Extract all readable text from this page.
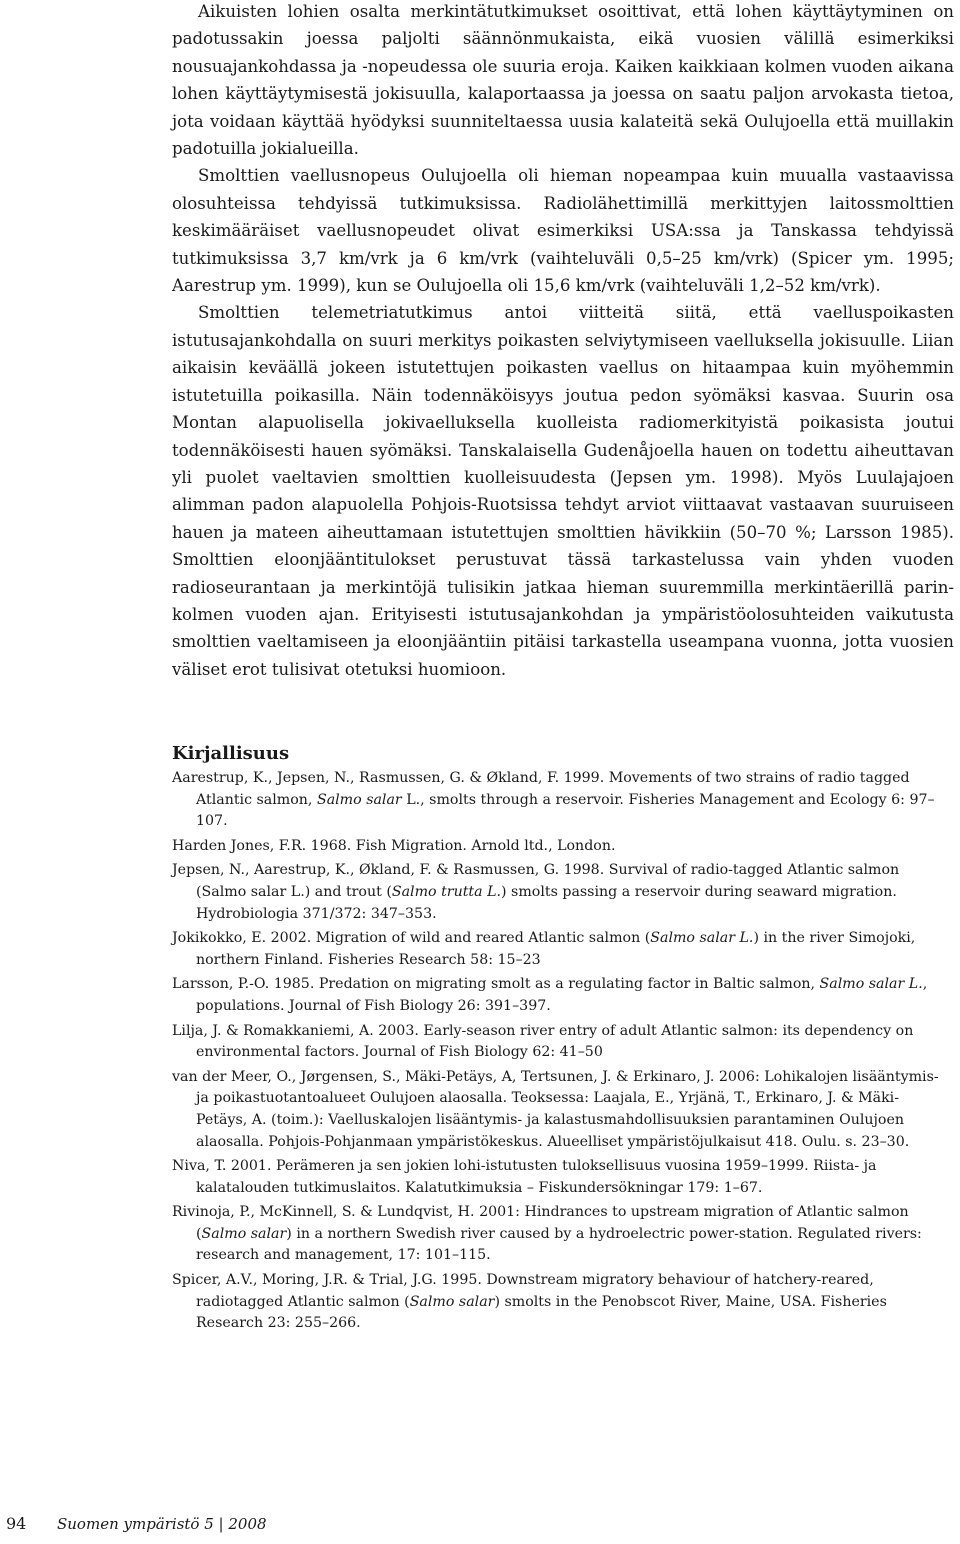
Aikuisten lohien osalta merkintätutkimukset osoittivat, että lohen käyttäytyminen on padotussakin joessa paljolti säännönmukaista, eikä vuosien välillä esimerkiksi nousuajankohdassa ja -nopeudessa ole suuria eroja. Kaiken kaikkiaan kolmen vuoden aikana lohen käyttäytymisestä jokisuulla, kalaportaassa ja joessa on saatu paljon arvokasta tietoa, jota voidaan käyttää hyödyksi suunniteltaessa uusia kalateitä sekä Oulujoella että muillakin padotuilla jokialueilla.

Smolttien vaellusnopeus Oulujoella oli hieman nopeampaa kuin muualla vastaavissa olosuhteissa tehdyissä tutkimuksissa. Radiolähettimillä merkittyjen laitossmolttien keskimääräiset vaellusnopeudet olivat esimerkiksi USA:ssa ja Tanskassa tehdyissä tutkimuksissa 3,7 km/vrk ja 6 km/vrk (vaihteluväli 0,5–25 km/vrk) (Spicer ym. 1995; Aarestrup ym. 1999), kun se Oulujoella oli 15,6 km/vrk (vaihteluväli 1,2–52 km/vrk).

Smolttien telemetriatutkimus antoi viitteitä siitä, että vaelluspoikasten istutusajankohdalla on suuri merkitys poikasten selviytymiseen vaelluksella jokisuulle. Liian aikaisin keväällä jokeen istutettujen poikasten vaellus on hitaampaa kuin myöhemmin istutetuilla poikasilla. Näin todennäköisyys joutua pedon syömäksi kasvaa. Suurin osa Montan alapuolisella jokivaelluksella kuolleista radiomerkityistä poikasista joutui todennäköisesti hauen syömäksi. Tanskalaisella Gudenåjoella hauen on todettu aiheuttavan yli puolet vaeltavien smolttien kuolleisuudesta (Jepsen ym. 1998). Myös Luulajajoen alimman padon alapuolella Pohjois-Ruotsissa tehdyt arviot viittaavat vastaavan suuruiseen hauen ja mateen aiheuttamaan istutettujen smolttien hävikkiin (50–70 %; Larsson 1985). Smolttien eloonjääntitulokset perustuvat tässä tarkastelussa vain yhden vuoden radioseurantaan ja merkintöjä tulisikin jatkaa hieman suuremmilla merkintäerillä parin-kolmen vuoden ajan. Erityisesti istutusajankohdan ja ympäristöolosuhteiden vaikutusta smolttien vaeltamiseen ja eloonjääntiin pitäisi tarkastella useampana vuonna, jotta vuosien väliset erot tulisivat otetuksi huomioon.

Kirjallisuus
Aarestrup, K., Jepsen, N., Rasmussen, G. & Økland, F. 1999. Movements of two strains of radio tagged Atlantic salmon, Salmo salar L., smolts through a reservoir. Fisheries Management and Ecology 6: 97–107.
Harden Jones, F.R. 1968. Fish Migration. Arnold ltd., London.
Jepsen, N., Aarestrup, K., Økland, F. & Rasmussen, G. 1998. Survival of radio-tagged Atlantic salmon (Salmo salar L.) and trout (Salmo trutta L.) smolts passing a reservoir during seaward migration. Hydrobiologia 371/372: 347–353.
Jokikokko, E. 2002. Migration of wild and reared Atlantic salmon (Salmo salar L.) in the river Simojoki, northern Finland. Fisheries Research 58: 15–23
Larsson, P.-O. 1985. Predation on migrating smolt as a regulating factor in Baltic salmon, Salmo salar L., populations. Journal of Fish Biology 26: 391–397.
Lilja, J. & Romakkaniemi, A. 2003. Early-season river entry of adult Atlantic salmon: its dependency on environmental factors. Journal of Fish Biology 62: 41–50
van der Meer, O., Jørgensen, S., Mäki-Petäys, A, Tertsunen, J. & Erkinaro, J. 2006: Lohikalojen lisääntymis- ja poikastuotantoalueet Oulujoen alaosalla. Teoksessa: Laajala, E., Yrjänä, T., Erkinaro, J. & Mäki-Petäys, A. (toim.): Vaelluskalojen lisääntymis- ja kalastusmahdollisuuksien parantaminen Oulujoen alaosalla. Pohjois-Pohjanmaan ympäristökeskus. Alueelliset ympäristöjulkaisut 418. Oulu. s. 23–30.
Niva, T. 2001. Perämeren ja sen jokien lohi-istutusten tuloksellisuus vuosina 1959–1999. Riista- ja kalatalouden tutkimuslaitos. Kalatutkimuksia – Fiskundersökningar 179: 1–67.
Rivinoja, P., McKinnell, S. & Lundqvist, H. 2001: Hindrances to upstream migration of Atlantic salmon (Salmo salar) in a northern Swedish river caused by a hydroelectric power-station. Regulated rivers: research and management, 17: 101–115.
Spicer, A.V., Moring, J.R. & Trial, J.G. 1995. Downstream migratory behaviour of hatchery-reared, radiotagged Atlantic salmon (Salmo salar) smolts in the Penobscot River, Maine, USA. Fisheries Research 23: 255–266.
94 Suomen ympäristö 5 | 2008
